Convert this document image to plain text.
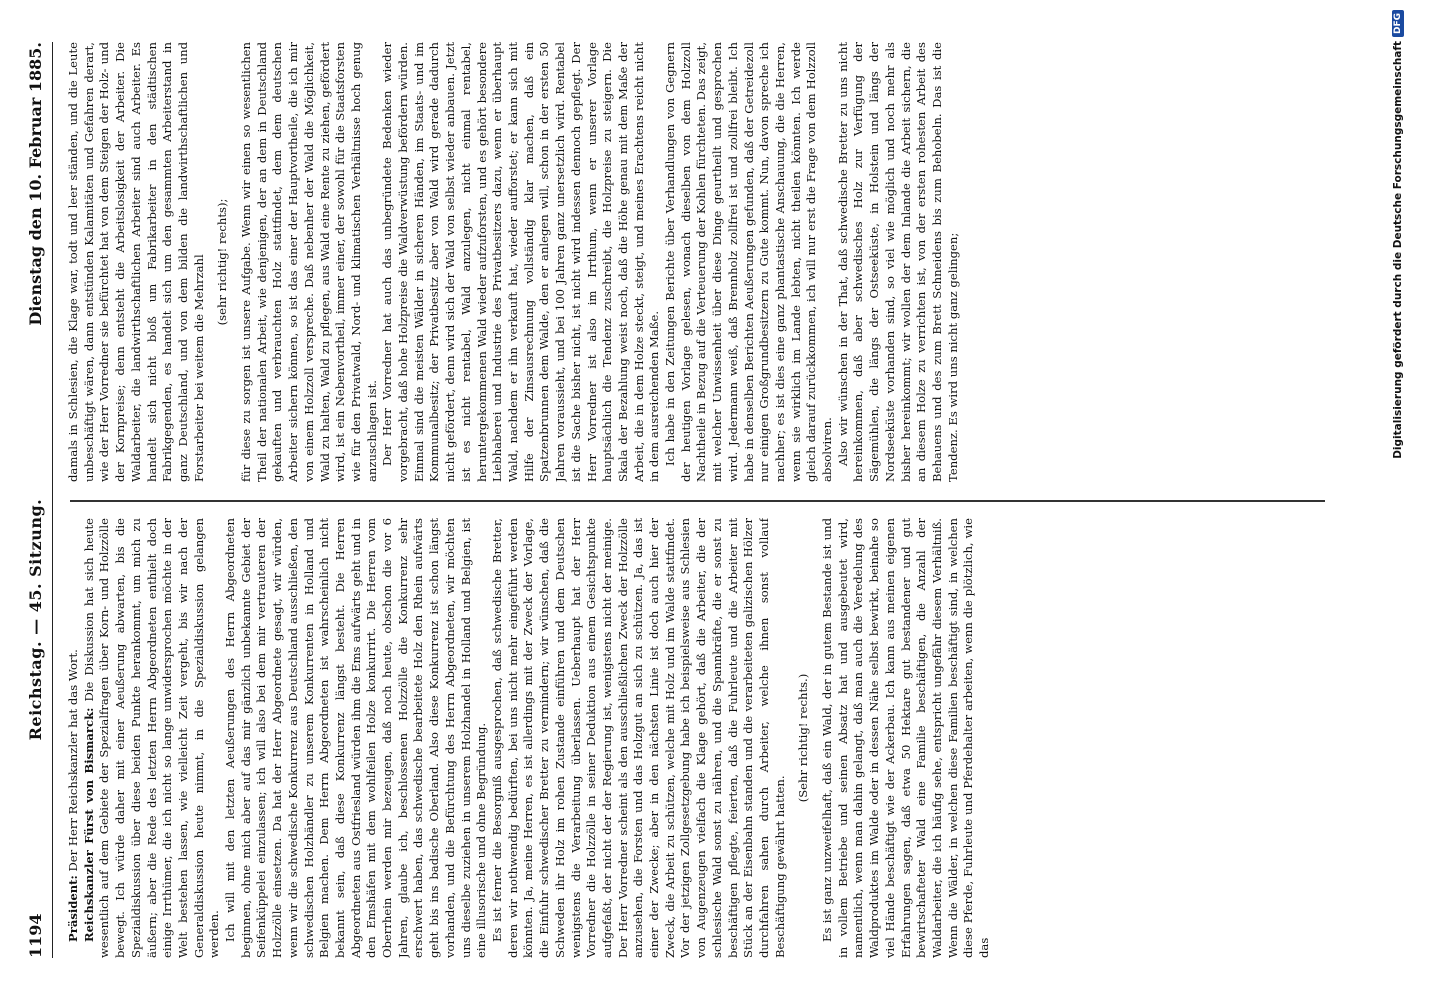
1194
Reichstag. — 45. Sitzung.
Dienstag den 10. Februar 1885.

Präsident: Der Herr Reichskanzler hat das Wort. Reichskanzler Fürst von Bismarck: Die Diskussion hat sich heute wesentlich auf dem Gebiete der Spezialfragen über Korn- und Holzzölle bewegt. Ich würde daher mit einer Aeußerung abwarten, bis die Spezialdiskussion über diese beiden Punkte herankommt, um mich zu äußern; aber die Rede des letzten Herrn Abgeordneten enthielt doch einige Irrthümer, die ich nicht so lange unwidersprochen möchte in der Welt bestehen lassen, wie vielleicht Zeit vergeht, bis wir nach der Generaldiskussion heute nimmt, in die Spezialdiskussion gelangen werden. Ich will mit den letzten Aeußerungen des Herrn Abgeordneten beginnen, ohne mich aber auf das mir gänzlich unbekannte Gebiet der Seifenküppelei einzulassen; ich will also bei dem mir vertrauteren der Holzzölle einsetzen. Da hat der Herr Abgeordnete gesagt, wir würden, wenn wir die schwedische Konkurrenz aus Deutschland ausschließen, den schwedischen Holzhändler zu unserem Konkurrenten in Holland und Belgien machen. Dem Herrn Abgeordneten ist wahrscheinlich nicht bekannt sein, daß diese Konkurrenz längst besteht. Die Herren Abgeordneten aus Ostfriesland würden ihm die Ems aufwärts geht und in den Emshäfen mit dem wohlfeilen Holze konkurrirt. Die Herren vom Oberrhein werden mir bezeugen, daß noch heute, obschon die vor 6 Jahren, glaube ich, beschlossenen Holzzölle die Konkurrenz sehr erschwert haben, das schwedische bearbeitete Holz den Rhein aufwärts geht bis ins badische Oberland. Also diese Konkurrenz ist schon längst vorhanden, und die Befürchtung des Herrn Abgeordneten, wir möchten uns dieselbe zuziehen in unserem Holzhandel in Holland und Belgien, ist eine illusorische und ohne Begründung. Es ist ferner die Besorgniß ausgesprochen, daß schwedische Bretter, deren wir nothwendig bedürften, bei uns nicht mehr eingeführt werden könnten. Ja, meine Herren, es ist allerdings mit der Zweck der Vorlage, die Einfuhr schwedischer Bretter zu vermindern; wir wünschen, daß die Schweden ihr Holz im rohen Zustande einführen und dem Deutschen wenigstens die Verarbeitung überlassen. Ueberhaupt hat der Herr Vorredner die Holzzölle in seiner Deduktion aus einem Gesichtspunkte aufgefaßt, der nicht der der Regierung ist, wenigstens nicht der meinige. Der Herr Vorredner scheint als den ausschließlichen Zweck der Holzzölle anzusehen, die Forsten und das Holzgut an sich zu schützen. Ja, das ist einer der Zwecke; aber in den nächsten Linie ist doch auch hier der Zweck, die Arbeit zu schützen, welche mit Holz und im Walde stattfindet. Vor der jetzigen Zollgesetzgebung habe ich beispielsweise aus Schlesien von Augenzeugen vielfach die Klage gehört, daß die Arbeiter, die der schlesische Wald sonst zu nähren, und die Spannkräfte, die er sonst zu beschäftigen pflegte, feierten, daß die Fuhrleute und die Arbeiter mit Stück an der Eisenbahn standen und die verarbeiteten galizischen Hölzer durchfahren sahen durch Arbeiter, welche ihnen sonst vollauf Beschäftigung gewährt hatten.

(Sehr richtig! rechts.) Es ist ganz unzweifelhaft, daß ein Wald, der in gutem Bestande ist und in vollem Betriebe und seinen Absatz hat und ausgebeutet wird, namentlich, wenn man dahin gelangt, daß man auch die Veredelung des Waldproduktes im Walde oder in dessen Nähe selbst bewirkt, beinahe so viel Hände beschäftigt wie der Ackerbau. Ich kann aus meinen eigenen Erfahrungen sagen, daß etwa 50 Hektare gut bestandener und gut bewirtschafteter Wald eine Familie beschäftigen, die Anzahl der Waldarbeiter, die ich häufig sehe, entspricht ungefähr diesem Verhältniß. Wenn die Wälder, in welchen diese Familien beschäftigt sind, in welchen diese Pferde, Fuhrleute und Pferdehalter arbeiten, wenn die plötzlich, wie das

damals in Schlesien, die Klage war, todt und leer ständen, und die Leute unbeschäftigt wären, dann entstünden Kalamitäten und Gefahren derart, wie der Herr Vorredner sie befürchtet hat von dem Steigen der Holz- und der Kornpreise; denn entsteht die Arbeitslosigkeit der Arbeiter. Die Waldarbeiter, die landwirthschaftlichen Arbeiter sind auch Arbeiter. Es handelt sich nicht bloß um Fabrikarbeiter in den städtischen Fabrikgegenden, es handelt sich um den gesammten Arbeiterstand in ganz Deutschland, und von dem bilden die landwirthschaftlichen und Forstarbeiter bei weitem die Mehrzahl (sehr richtig! rechts); für diese zu sorgen ist unsere Aufgabe. Wenn wir einen so wesentlichen Theil der nationalen Arbeit, wie denjenigen, der an dem in Deutschland gekauften und verbrauchten Holz stattfindet, dem dem deutschen Arbeiter sichern können, so ist das einer der Hauptvortheile, die ich mir von einem Holzzoll verspreche. Daß nebenher der Wald die Möglichkeit, Wald zu halten, Wald zu pflegen, aus Wald eine Rente zu ziehen, gefördert wird, ist ein Nebenvortheil, immer einer, der sowohl für die Staatsforsten wie für den Privatwald, Nord- und klimatischen Verhältnisse hoch genug anzuschlagen ist. Der Herr Vorredner hat auch das unbegründete Bedenken wieder vorgebracht, daß hohe Holzpreise die Waldverwüstung befördern würden. Einmal sind die meisten Wälder in sicheren Händen, im Staats- und im Kommunalbesitz; der Privatbesitz aber von Wald wird gerade dadurch nicht gefördert, denn wird sich der Wald von selbst wieder anbauen. Jetzt ist es nicht rentabel, Wald anzulegen, nicht einmal rentabel, heruntergekommenen Wald wieder aufzuforsten, und es gehört besondere Liebhaberei und Industrie des Privatbesitzers dazu, wenn er überhaupt Wald, nachdem er ihn verkauft hat, wieder aufforstet; er kann sich mit Hilfe der Zinsausrechnung vollständig klar machen, daß ein Spatzenbrunnen dem Walde, den er anlegen will, schon in der ersten 50 Jahren voraussieht, und bei 100 Jahren ganz unersetzlich wird. Rentabel ist die Sache bisher nicht, ist nicht wird indessen dennoch gepflegt. Der Herr Vorredner ist also im Irrthum, wenn er unserer Vorlage hauptsächlich die Tendenz zuschreibt, die Holzpreise zu steigern. Die Skala der Bezahlung weist noch, daß die Höhe genau mit dem Maße der Arbeit, die in dem Holze steckt, steigt, und meines Erachtens reicht nicht in dem ausreichenden Maße. Ich habe in den Zeitungen Berichte über Verhandlungen von Gegnern der heutigen Vorlage gelesen, wonach dieselben von dem Holzzoll Nachtheile in Bezug auf die Verteuerung der Kohlen fürchteten. Das zeigt, mit welcher Unwissenheit über diese Dinge geurtheilt und gesprochen wird. Jedermann weiß, daß Brennholz zollfrei ist und zollfrei bleibt. Ich habe in denselben Berichten Aeußerungen gefunden, daß der Getreidezoll nur einigen Großgrundbesitzern zu Gute kommt. Nun, davon spreche ich nachher; es ist dies eine ganz phantastische Anschauung, die die Herren, wenn sie wirklich im Lande lebten, nicht theilen könnten. Ich werde gleich darauf zurückkommen, ich will nur erst die Frage von dem Holzzoll absolviren. Also wir wünschen in der That, daß schwedische Bretter zu uns nicht hereinkommen, daß aber schwedisches Holz zur Verfügung der Sägemühlen, die längs der Ostseeküste, in Holstein und längs der Nordseeküste vorhanden sind, so viel wie möglich und noch mehr als bisher hereinkommt; wir wollen der dem Inlande die Arbeit sichern, die an diesem Holze zu verrichten ist, von der ersten rohesten Arbeit des Behauens und des zum Brett Schneidens bis zum Behobeln. Das ist die Tendenz. Es wird uns nicht ganz gelingen;	Digitalisierung gefördert durch die Deutsche ForschungsgemeinschaftDFG
